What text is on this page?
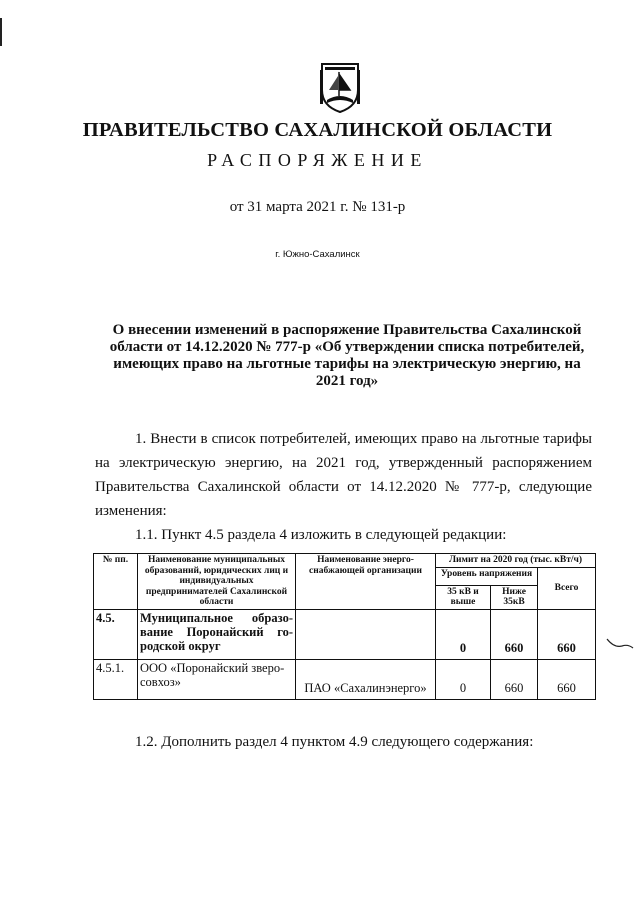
ПРАВИТЕЛЬСТВО САХАЛИНСКОЙ ОБЛАСТИ
РАСПОРЯЖЕНИЕ
от 31 марта 2021 г. № 131-р
г. Южно-Сахалинск
О внесении изменений в распоряжение Правительства Сахалинской области от 14.12.2020 № 777-р «Об утверждении списка потребителей, имеющих право на льготные тарифы на электрическую энергию, на 2021 год»
1. Внести в список потребителей, имеющих право на льготные тарифы на электрическую энергию, на 2021 год, утвержденный распоряжением Правительства Сахалинской области от 14.12.2020 № 777-р, следующие изменения:
1.1. Пункт 4.5 раздела 4 изложить в следующей редакции:
№ пп.	Наименование муниципальных образований, юридических лиц и индивидуальных предпринимателей Сахалинской области	Наименование энергоснабжающей организации	Лимит на 2020 год (тыс. кВт/ч)		
			Уровень напряжения		Всего
			35 кВ и выше	Ниже 35кВ	
4.5.	Муниципальное образование Поронайский городской округ		0	660	660
4.5.1.	ООО «Поронайский зверосовхоз»	ПАО «Сахалинэнерго»	0	660	660
1.2. Дополнить раздел 4 пунктом 4.9 следующего содержания:
